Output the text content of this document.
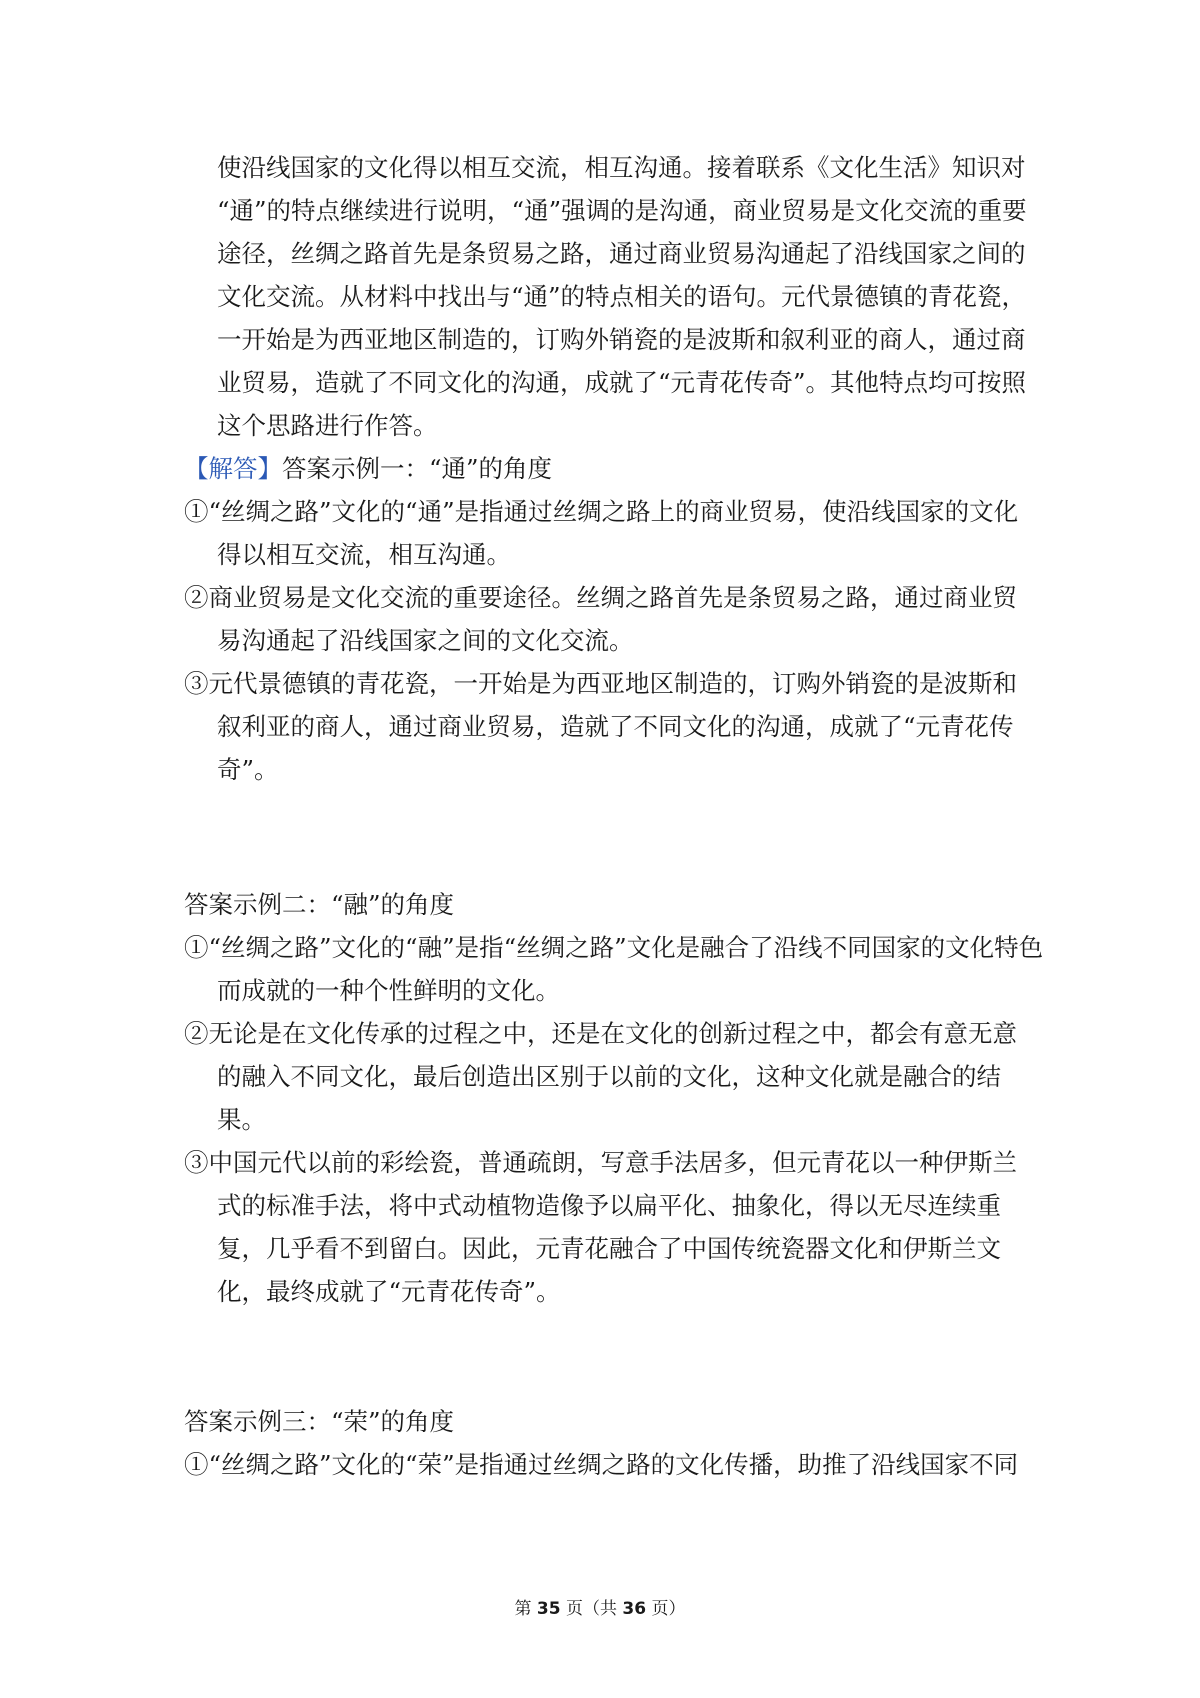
使沿线国家的文化得以相互交流，相互沟通。接着联系《文化生活》知识对
“通”的特点继续进行说明，“通”强调的是沟通，商业贸易是文化交流的重要
途径，丝绸之路首先是条贸易之路，通过商业贸易沟通起了沿线国家之间的
文化交流。从材料中找出与“通”的特点相关的语句。元代景德镇的青花瓷，
一开始是为西亚地区制造的，订购外销瓷的是波斯和叙利亚的商人，通过商
业贸易，造就了不同文化的沟通，成就了“元青花传奇”。其他特点均可按照
这个思路进行作答。
【解答】答案示例一：“通”的角度
①“丝绸之路”文化的“通”是指通过丝绸之路上的商业贸易，使沿线国家的文化
得以相互交流，相互沟通。
②商业贸易是文化交流的重要途径。丝绸之路首先是条贸易之路，通过商业贸
易沟通起了沿线国家之间的文化交流。
③元代景德镇的青花瓷，一开始是为西亚地区制造的，订购外销瓷的是波斯和
叙利亚的商人，通过商业贸易，造就了不同文化的沟通，成就了“元青花传
奇”。
答案示例二：“融”的角度
①“丝绸之路”文化的“融”是指“丝绸之路”文化是融合了沿线不同国家的文化特色
而成就的一种个性鲜明的文化。
②无论是在文化传承的过程之中，还是在文化的创新过程之中，都会有意无意
的融入不同文化，最后创造出区别于以前的文化，这种文化就是融合的结
果。
③中国元代以前的彩绘瓷，普通疏朗，写意手法居多，但元青花以一种伊斯兰
式的标准手法，将中式动植物造像予以扁平化、抽象化，得以无尽连续重
复，几乎看不到留白。因此，元青花融合了中国传统瓷器文化和伊斯兰文
化，最终成就了“元青花传奇”。
答案示例三：“荣”的角度
①“丝绸之路”文化的“荣”是指通过丝绸之路的文化传播，助推了沿线国家不同
第 35 页（共 36 页）
